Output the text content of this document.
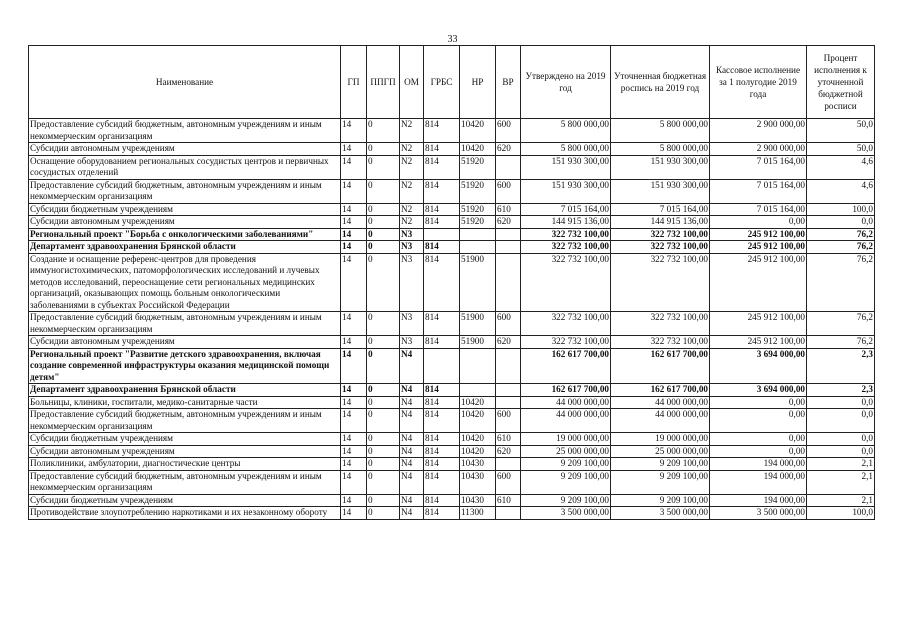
33
Наименование	ГП	ППГП	ОМ	ГРБС	НР	ВР	Утверждено на 2019 год	Уточненная бюджетная роспись на 2019 год	Кассовое исполнение за 1 полугодие 2019 года	Процент исполнения к уточненной бюджетной росписи
Предоставление субсидий бюджетным, автономным учреждениям и иным некоммерческим организациям	14	0	N2	814	10420	600	5 800 000,00	5 800 000,00	2 900 000,00	50,0
Субсидии автономным учреждениям	14	0	N2	814	10420	620	5 800 000,00	5 800 000,00	2 900 000,00	50,0
Оснащение оборудованием региональных сосудистых центров и первичных сосудистых отделений	14	0	N2	814	51920		151 930 300,00	151 930 300,00	7 015 164,00	4,6
Предоставление субсидий бюджетным, автономным учреждениям и иным некоммерческим организациям	14	0	N2	814	51920	600	151 930 300,00	151 930 300,00	7 015 164,00	4,6
Субсидии бюджетным учреждениям	14	0	N2	814	51920	610	7 015 164,00	7 015 164,00	7 015 164,00	100,0
Субсидии автономным учреждениям	14	0	N2	814	51920	620	144 915 136,00	144 915 136,00	0,00	0,0
Региональный проект "Борьба с онкологическими заболеваниями"	14	0	N3				322 732 100,00	322 732 100,00	245 912 100,00	76,2
Департамент здравоохранения Брянской области	14	0	N3	814			322 732 100,00	322 732 100,00	245 912 100,00	76,2
Создание и оснащение референс-центров для проведения иммуногистохимических, патоморфологических исследований и лучевых методов исследований, переоснащение сети региональных медицинских организаций, оказывающих помощь больным онкологическими заболеваниями в субъектах Российской Федерации	14	0	N3	814	51900		322 732 100,00	322 732 100,00	245 912 100,00	76,2
Предоставление субсидий бюджетным, автономным учреждениям и иным некоммерческим организациям	14	0	N3	814	51900	600	322 732 100,00	322 732 100,00	245 912 100,00	76,2
Субсидии автономным учреждениям	14	0	N3	814	51900	620	322 732 100,00	322 732 100,00	245 912 100,00	76,2
Региональный проект "Развитие детского здравоохранения, включая создание современной инфраструктуры оказания медицинской помощи детям"	14	0	N4				162 617 700,00	162 617 700,00	3 694 000,00	2,3
Департамент здравоохранения Брянской области	14	0	N4	814			162 617 700,00	162 617 700,00	3 694 000,00	2,3
Больницы, клиники, госпитали, медико-санитарные части	14	0	N4	814	10420		44 000 000,00	44 000 000,00	0,00	0,0
Предоставление субсидий бюджетным, автономным учреждениям и иным некоммерческим организациям	14	0	N4	814	10420	600	44 000 000,00	44 000 000,00	0,00	0,0
Субсидии бюджетным учреждениям	14	0	N4	814	10420	610	19 000 000,00	19 000 000,00	0,00	0,0
Субсидии автономным учреждениям	14	0	N4	814	10420	620	25 000 000,00	25 000 000,00	0,00	0,0
Поликлиники, амбулатории, диагностические центры	14	0	N4	814	10430		9 209 100,00	9 209 100,00	194 000,00	2,1
Предоставление субсидий бюджетным, автономным учреждениям и иным некоммерческим организациям	14	0	N4	814	10430	600	9 209 100,00	9 209 100,00	194 000,00	2,1
Субсидии бюджетным учреждениям	14	0	N4	814	10430	610	9 209 100,00	9 209 100,00	194 000,00	2,1
Противодействие злоупотреблению наркотиками и их незаконному обороту	14	0	N4	814	11300		3 500 000,00	3 500 000,00	3 500 000,00	100,0
